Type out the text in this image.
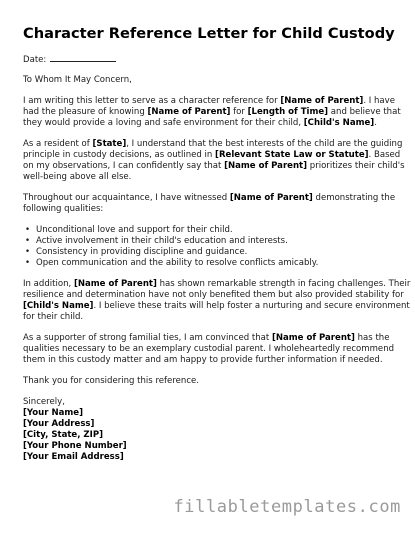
Character Reference Letter for Child Custody

Date:

To Whom It May Concern,

I am writing this letter to serve as a character reference for [Name of Parent]. I have
had the pleasure of knowing [Name of Parent] for [Length of Time] and believe that
they would provide a loving and safe environment for their child, [Child's Name].

As a resident of [State], I understand that the best interests of the child are the guiding
principle in custody decisions, as outlined in [Relevant State Law or Statute]. Based
on my observations, I can confidently say that [Name of Parent] prioritizes their child's
well-being above all else.

Throughout our acquaintance, I have witnessed [Name of Parent] demonstrating the
following qualities:

• Unconditional love and support for their child.
• Active involvement in their child's education and interests.
• Consistency in providing discipline and guidance.
• Open communication and the ability to resolve conflicts amicably.

In addition, [Name of Parent] has shown remarkable strength in facing challenges. Their
resilience and determination have not only benefited them but also provided stability for
[Child's Name]. I believe these traits will help foster a nurturing and secure environment
for their child.

As a supporter of strong familial ties, I am convinced that [Name of Parent] has the
qualities necessary to be an exemplary custodial parent. I wholeheartedly recommend
them in this custody matter and am happy to provide further information if needed.

Thank you for considering this reference.

Sincerely,
[Your Name]
[Your Address]
[City, State, ZIP]
[Your Phone Number]
[Your Email Address]

fillabletemplates.com
